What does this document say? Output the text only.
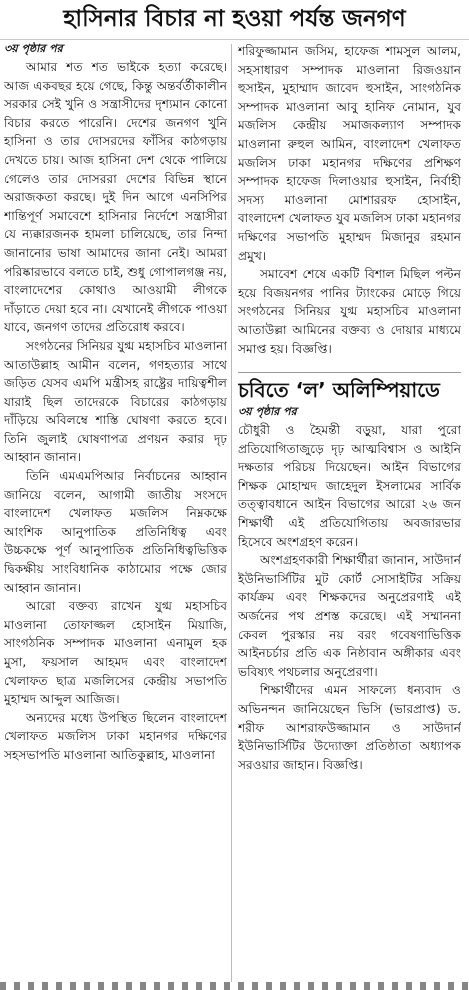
হাসিনার বিচার না হওয়া পর্যন্ত জনগণ
৩য় পৃষ্ঠার পর

আমার শত শত ভাইকে হত্যা করেছে। আজ একবছর হয়ে গেছে, কিন্তু অন্তর্বর্তীকালীন সরকার সেই খুনি ও সন্ত্রাসীদের দৃশ্যমান কোনো বিচার করতে পারেনি। দেশের জনগণ খুনি হাসিনা ও তার দোসরদের ফাঁসির কাঠগড়ায় দেখতে চায়। আজ হাসিনা দেশ থেকে পালিয়ে গেলেও তার দোসররা দেশের বিভিন্ন স্থানে অরাজকতা করছে। দুই দিন আগে এনসিপির শান্তিপূর্ণ সমাবেশে হাসিনার নির্দেশে সন্ত্রাসীরা যে ন্যক্কারজনক হামলা চালিয়েছে, তার নিন্দা জানানোর ভাষা আমাদের জানা নেই। আমরা পরিষ্কারভাবে বলতে চাই, শুধু গোপালগঞ্জ নয়, বাংলাদেশের কোথাও আওয়ামী লীগকে দাঁড়াতে দেয়া হবে না। যেখানেই লীগকে পাওয়া যাবে, জনগণ তাদের প্রতিরোধ করবে।

সংগঠনের সিনিয়র যুগ্ম মহাসচিব মাওলানা আতাউল্লাহ আমীন বলেন, গণহত্যার সাথে জড়িত যেসব এমপি মন্ত্রীসহ রাষ্ট্রের দায়িত্বশীল যারাই ছিল তাদেরকে বিচারের কাঠগড়ায় দাঁড়িয়ে অবিলম্বে শাস্তি ঘোষণা করতে হবে। তিনি জুলাই ঘোষণাপত্র প্রণয়ন করার দৃঢ় আহ্বান জানান।

তিনি এমএমপিআর নির্বাচনের আহ্বান জানিয়ে বলেন, আগামী জাতীয় সংসদে বাংলাদেশ খেলাফত মজলিস নিম্নকক্ষে আংশিক আনুপাতিক প্রতিনিধিত্ব এবং উচ্চকক্ষে পূর্ণ আনুপাতিক প্রতিনিধিত্বভিত্তিক দ্বিকক্ষীয় সাংবিধানিক কাঠামোর পক্ষে জোর আহ্বান জানান।

আরো বক্তব্য রাখেন যুগ্ম মহাসচিব মাওলানা তোফাজ্জল হোসাইন মিয়াজি, সাংগঠনিক সম্পাদক মাওলানা এনামুল হক মুসা, ফয়সাল আহমদ এবং বাংলাদেশ খেলাফত ছাত্র মজলিসের কেন্দ্রীয় সভাপতি মুহাম্মদ আব্দুল আজিজ।

অন্যদের মধ্যে উপস্থিত ছিলেন বাংলাদেশ খেলাফত মজলিস ঢাকা মহানগর দক্ষিণের সহসভাপতি মাওলানা আতিকুল্লাহ, মাওলানা

শরিফুজ্জামান জসিম, হাফেজ শামসুল আলম, সহসাধারণ সম্পাদক মাওলানা রিজওয়ান হুসাইন, মুহাম্মাদ জাবেদ হুসাইন, সাংগঠনিক সম্পাদক মাওলানা আবু হানিফ নোমান, যুব মজলিস কেন্দ্রীয় সমাজকল্যাণ সম্পাদক মাওলানা রুহুল আমিন, বাংলাদেশ খেলাফত মজলিস ঢাকা মহানগর দক্ষিণের প্রশিক্ষণ সম্পাদক হাফেজ দিলাওয়ার হুসাইন, নির্বাহী সদস্য মাওলানা মোশাররফ হোসাইন, বাংলাদেশ খেলাফত যুব মজলিস ঢাকা মহানগর দক্ষিণের সভাপতি মুহাম্মদ মিজানুর রহমান প্রমুখ।

সমাবেশ শেষে একটি বিশাল মিছিল পল্টন হয়ে বিজয়নগর পানির ট্যাংকের মোড়ে গিয়ে সংগঠনের সিনিয়র যুগ্ম মহাসচিব মাওলানা আতাউল্লা আমিনের বক্তব্য ও দোয়ার মাধ্যমে সমাপ্ত হয়। বিজ্ঞপ্তি।

চবিতে ‘ল’ অলিম্পিয়াডে
৩য় পৃষ্ঠার পর

চৌধুরী ও হৈমন্তী বড়ুয়া, যারা পুরো প্রতিযোগিতাজুড়ে দৃঢ় আত্মবিশ্বাস ও আইনি দক্ষতার পরিচয় দিয়েছেন। আইন বিভাগের শিক্ষক মোহাম্মদ জাহেদুল ইসলামের সার্বিক তত্ত্বাবধানে আইন বিভাগের আরো ২৬ জন শিক্ষার্থী এই প্রতিযোগিতায় অবজারভার হিসেবে অংশগ্রহণ করেন।

অংশগ্রহণকারী শিক্ষার্থীরা জানান, সাউদার্ন ইউনিভার্সিটির মুট কোর্ট সোসাইটির সক্রিয় কার্যক্রম এবং শিক্ষকদের অনুপ্রেরণাই এই অর্জনের পথ প্রশস্ত করেছে। এই সম্মাননা কেবল পুরস্কার নয় বরং গবেষণাভিত্তিক আইনচর্চার প্রতি এক নিষ্ঠাবান অঙ্গীকার এবং ভবিষ্যৎ পথচলার অনুপ্রেরণা।

শিক্ষার্থীদের এমন সাফল্যে ধন্যবাদ ও অভিনন্দন জানিয়েছেন ভিসি (ভারপ্রাপ্ত) ড. শরীফ আশরাফউজ্জামান ও সাউদার্ন ইউনিভার্সিটির উদ্যোক্তা প্রতিষ্ঠাতা অধ্যাপক সরওয়ার জাহান। বিজ্ঞপ্তি।
